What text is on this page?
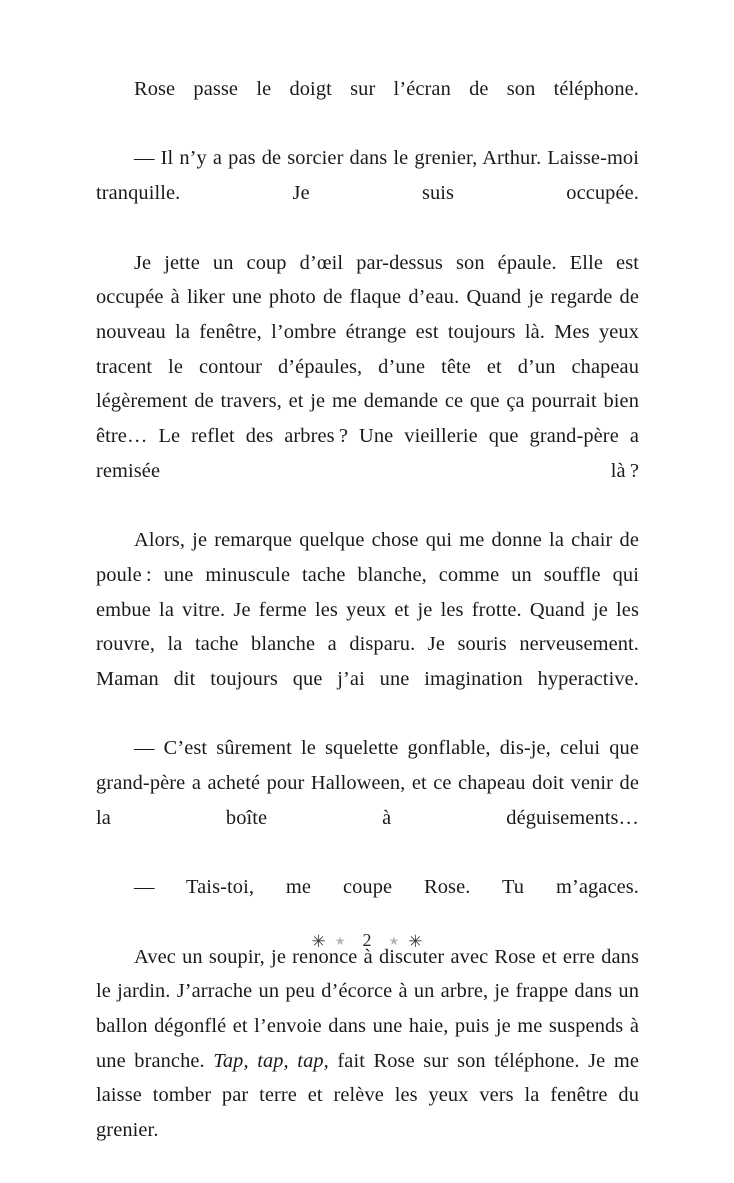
Rose passe le doigt sur l’écran de son téléphone.

— Il n’y a pas de sorcier dans le grenier, Arthur. Laisse-moi tranquille. Je suis occupée.

Je jette un coup d’œil par-dessus son épaule. Elle est occupée à liker une photo de flaque d’eau. Quand je regarde de nouveau la fenêtre, l’ombre étrange est toujours là. Mes yeux tracent le contour d’épaules, d’une tête et d’un chapeau légèrement de travers, et je me demande ce que ça pourrait bien être… Le reflet des arbres ? Une vieillerie que grand-père a remisée là ?

Alors, je remarque quelque chose qui me donne la chair de poule : une minuscule tache blanche, comme un souffle qui embue la vitre. Je ferme les yeux et je les frotte. Quand je les rouvre, la tache blanche a disparu. Je souris nerveusement. Maman dit toujours que j’ai une imagination hyperactive.

— C’est sûrement le squelette gonflable, dis-je, celui que grand-père a acheté pour Halloween, et ce chapeau doit venir de la boîte à déguisements…

— Tais-toi, me coupe Rose. Tu m’agaces.

Avec un soupir, je renonce à discuter avec Rose et erre dans le jardin. J’arrache un peu d’écorce à un arbre, je frappe dans un ballon dégonflé et l’envoie dans une haie, puis je me suspends à une branche. Tap, tap, tap, fait Rose sur son téléphone. Je me laisse tomber par terre et relève les yeux vers la fenêtre du grenier.

✳ ★ 2 ★ ✳
